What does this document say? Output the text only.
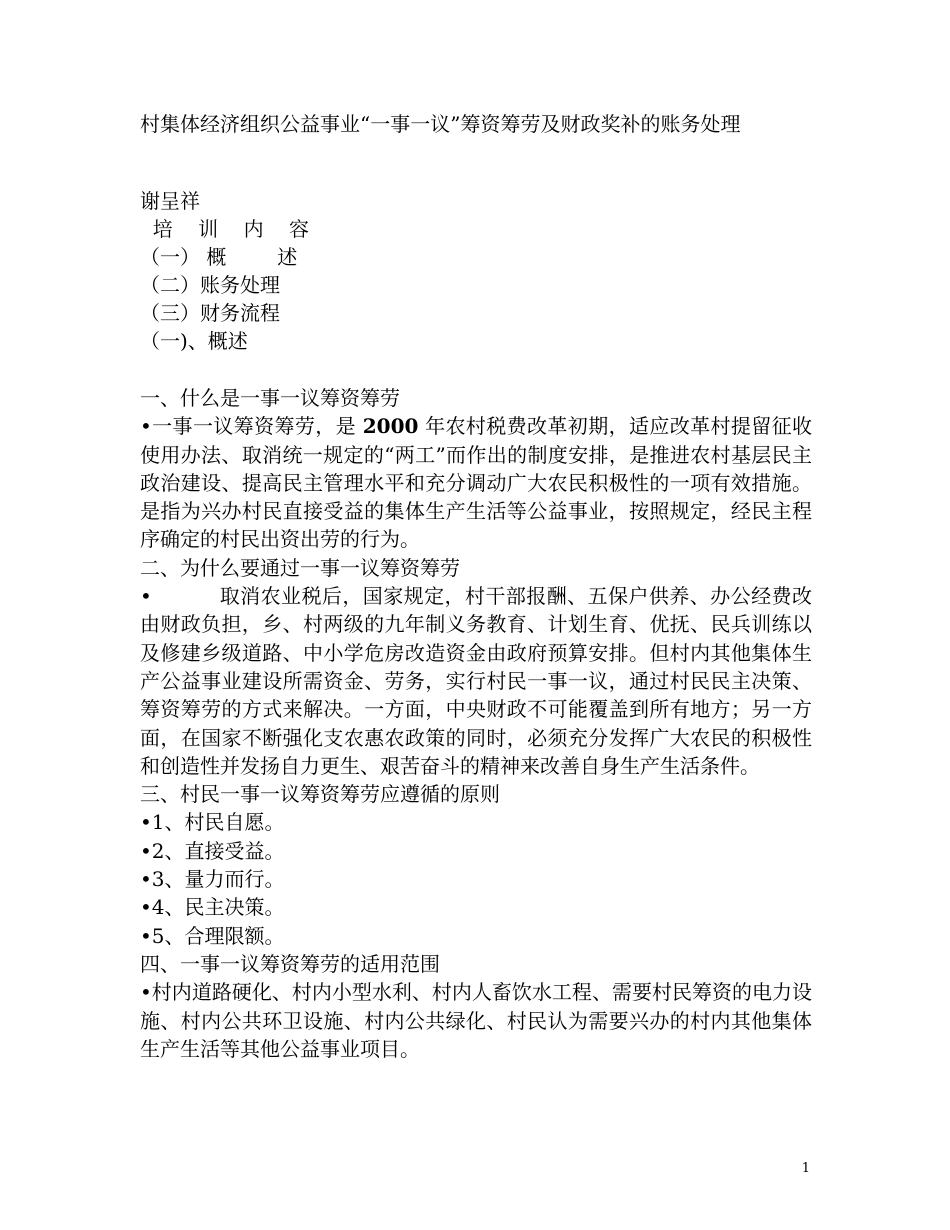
村集体经济组织公益事业“一事一议”筹资筹劳及财政奖补的账务处理
谢呈祥
培    训    内    容
（一） 概        述
（二）账务处理
（三）财务流程
（一)、概述

一、什么是一事一议筹资筹劳

•一事一议筹资筹劳，是 2000 年农村税费改革初期，适应改革村提留征收使用办法、取消统一规定的“两工”而作出的制度安排，是推进农村基层民主政治建设、提高民主管理水平和充分调动广大农民积极性的一项有效措施。是指为兴办村民直接受益的集体生产生活等公益事业，按照规定，经民主程序确定的村民出资出劳的行为。

二、为什么要通过一事一议筹资筹劳

•          取消农业税后，国家规定，村干部报酬、五保户供养、办公经费改由财政负担，乡、村两级的九年制义务教育、计划生育、优抚、民兵训练以及修建乡级道路、中小学危房改造资金由政府预算安排。但村内其他集体生产公益事业建设所需资金、劳务，实行村民一事一议，通过村民民主决策、筹资筹劳的方式来解决。一方面，中央财政不可能覆盖到所有地方；另一方面，在国家不断强化支农惠农政策的同时，必须充分发挥广大农民的积极性和创造性并发扬自力更生、艰苦奋斗的精神来改善自身生产生活条件。

三、村民一事一议筹资筹劳应遵循的原则

•1、村民自愿。

•2、直接受益。

•3、量力而行。

•4、民主决策。

•5、合理限额。

四、一事一议筹资筹劳的适用范围

•村内道路硬化、村内小型水利、村内人畜饮水工程、需要村民筹资的电力设施、村内公共环卫设施、村内公共绿化、村民认为需要兴办的村内其他集体生产生活等其他公益事业项目。

1
